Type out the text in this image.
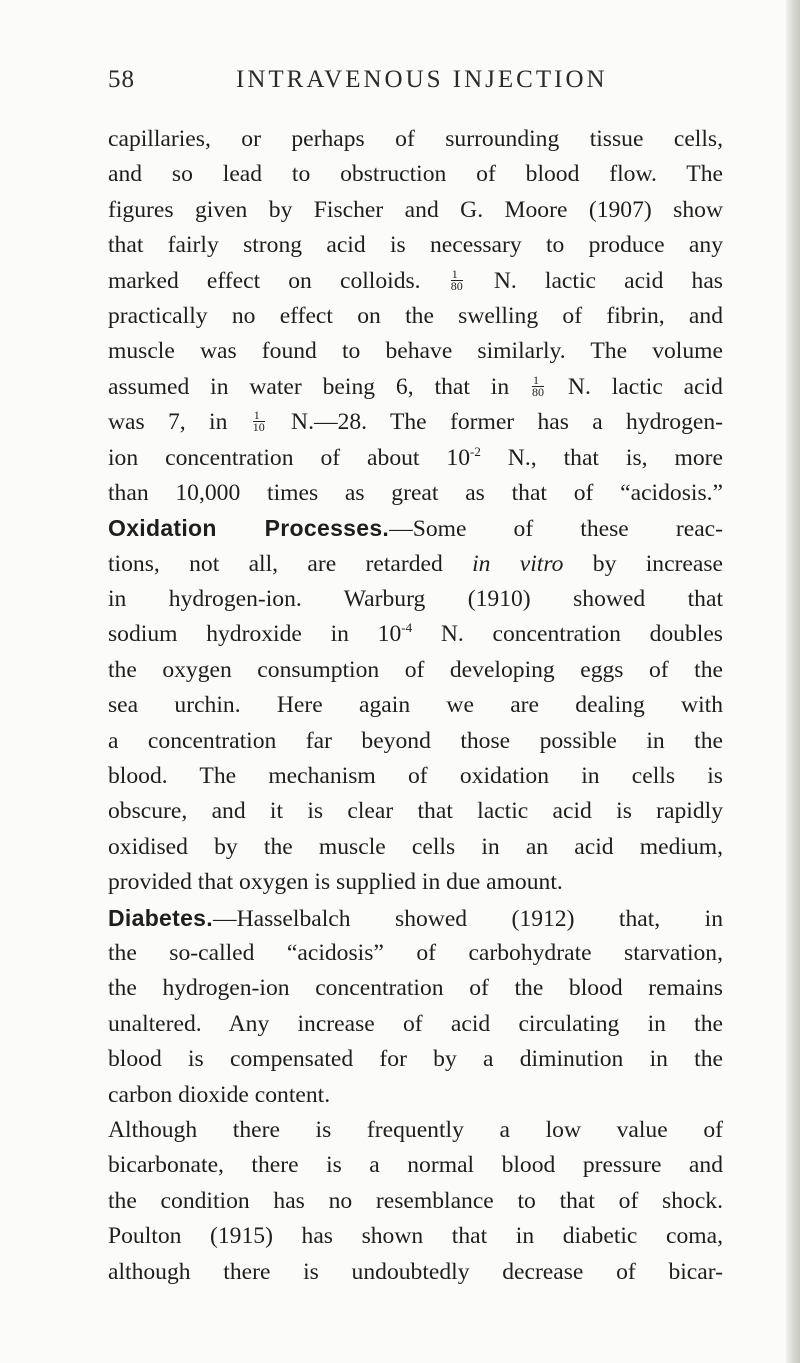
58	INTRAVENOUS INJECTION
capillaries, or perhaps of surrounding tissue cells,
and so lead to obstruction of blood flow. The
figures given by Fischer and G. Moore (1907) show
that fairly strong acid is necessary to produce any
marked effect on colloids.	$\frac{1}{80} N$. lactic acid has
practically no effect on the swelling of fibrin, and
muscle was found to behave similarly. The volume
assumed in water being 6, that in $\frac{1}{80} N$. lactic acid
was 7, in $\frac{1}{10}$ N.—28. The former has a hydrogen-
ion concentration of about $10^{-2}$ N., that is, more
than 10,000 times as great as that of “acidosis.”
Oxidation Processes.—Some of these reac-
tions, not all, are retarded in vitro by increase
in hydrogen-ion. Warburg (1910) showed that
sodium hydroxide in $10^{-4}$ N. concentration doubles
the oxygen consumption of developing eggs of the
sea urchin. Here again we are dealing with
a concentration far beyond those possible in the
blood. The mechanism of oxidation in cells is
obscure, and it is clear that lactic acid is rapidly
oxidised by the muscle cells in an acid medium,
provided that oxygen is supplied in due amount.
Diabetes.—Hasselbalch showed (1912) that, in
the so-called “acidosis” of carbohydrate starvation,
the hydrogen-ion concentration of the blood remains
unaltered. Any increase of acid circulating in the
blood is compensated for by a diminution in the
carbon dioxide content.
Although there is frequently a low value of
bicarbonate, there is a normal blood pressure and
the condition has no resemblance to that of shock.
Poulton (1915) has shown that in diabetic coma,
although there is undoubtedly decrease of bicar-
